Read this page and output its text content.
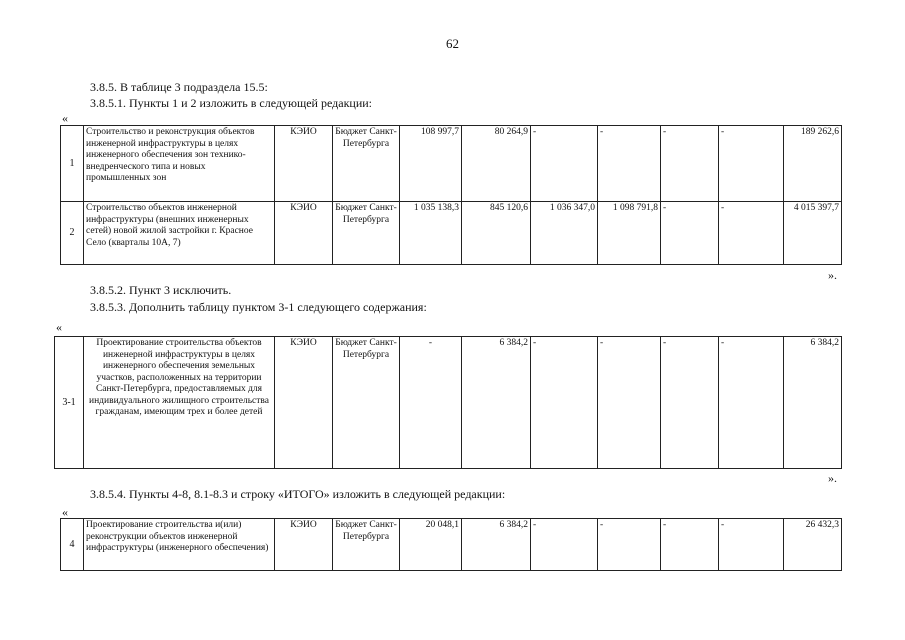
62
3.8.5. В таблице 3 подраздела 15.5:
3.8.5.1. Пункты 1 и 2 изложить в следующей редакции:
«
1	Строительство и реконструкция объектов инженерной инфраструктуры в целях инженерного обеспечения зон технико-внедренческого типа и новых промышленных зон	КЭИО	Бюджет Санкт-Петербурга	108 997,7	80 264,9	-	-	-	-	189 262,6
2	Строительство объектов инженерной инфраструктуры (внешних инженерных сетей) новой жилой застройки г. Красное Село (кварталы 10А, 7)	КЭИО	Бюджет Санкт-Петербурга	1 035 138,3	845 120,6	1 036 347,0	1 098 791,8	-	-	4 015 397,7
».
3.8.5.2. Пункт 3 исключить.
3.8.5.3. Дополнить таблицу пунктом 3-1 следующего содержания:
«
3-1	Проектирование строительства объектов инженерной инфраструктуры в целях инженерного обеспечения земельных участков, расположенных на территории Санкт-Петербурга, предоставляемых для индивидуального жилищного строительства гражданам, имеющим трех и более детей	КЭИО	Бюджет Санкт-Петербурга	-	6 384,2	-	-	-	-	6 384,2
».
3.8.5.4. Пункты 4-8, 8.1-8.3 и строку «ИТОГО» изложить в следующей редакции:
«
4	Проектирование строительства и(или) реконструкции объектов инженерной инфраструктуры (инженерного обеспечения)	КЭИО	Бюджет Санкт-Петербурга	20 048,1	6 384,2	-	-	-	-	26 432,3
